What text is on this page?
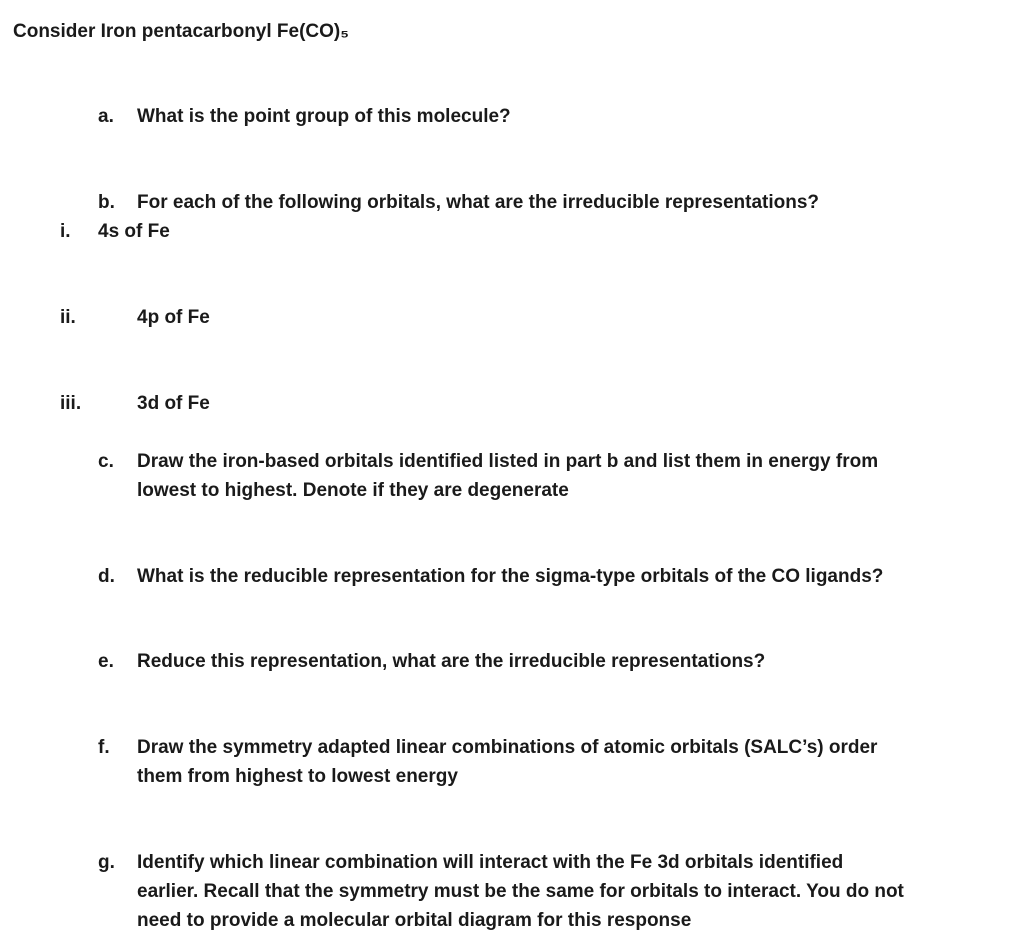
Consider Iron pentacarbonyl Fe(CO)₅
a. What is the point group of this molecule?
b. For each of the following orbitals, what are the irreducible representations?
i. 4s of Fe
ii.	4p of Fe
iii.	3d of Fe
c. Draw the iron-based orbitals identified listed in part b and list them in energy from
lowest to highest. Denote if they are degenerate
d. What is the reducible representation for the sigma-type orbitals of the CO ligands?
e. Reduce this representation, what are the irreducible representations?
f. Draw the symmetry adapted linear combinations of atomic orbitals (SALC’s) order
them from highest to lowest energy
g. Identify which linear combination will interact with the Fe 3d orbitals identified
earlier. Recall that the symmetry must be the same for orbitals to interact. You do not
need to provide a molecular orbital diagram for this response
